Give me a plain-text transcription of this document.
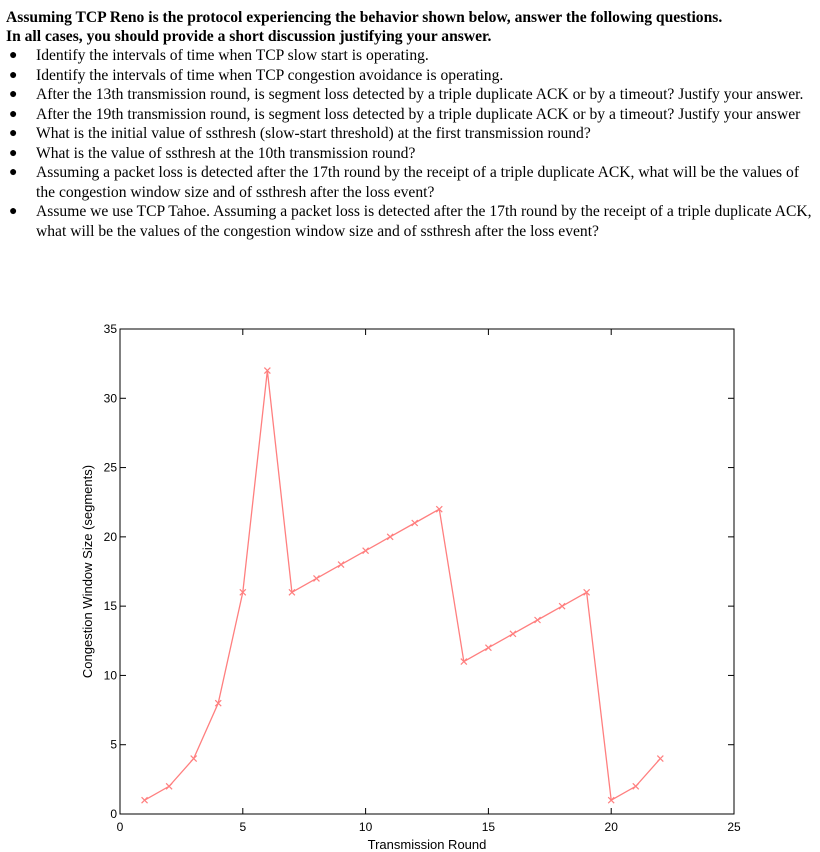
Assuming TCP Reno is the protocol experiencing the behavior shown below, answer the following questions.

In all cases, you should provide a short discussion justifying your answer.

● Identify the intervals of time when TCP slow start is operating.
● Identify the intervals of time when TCP congestion avoidance is operating.
● After the 13th transmission round, is segment loss detected by a triple duplicate ACK or by a timeout? Justify your answer.
● After the 19th transmission round, is segment loss detected by a triple duplicate ACK or by a timeout? Justify your answer
● What is the initial value of ssthresh (slow-start threshold) at the first transmission round?
● What is the value of ssthresh at the 10th transmission round?
● Assuming a packet loss is detected after the 17th round by the receipt of a triple duplicate ACK, what will be the values of the congestion window size and of ssthresh after the loss event?
● Assume we use TCP Tahoe. Assuming a packet loss is detected after the 17th round by the receipt of a triple duplicate ACK, what will be the values of the congestion window size and of ssthresh after the loss event?
0	5	10	15	20	25
0
5
10
15
20
25
30
35
Transmission Round
Congestion Window Size (segments)
